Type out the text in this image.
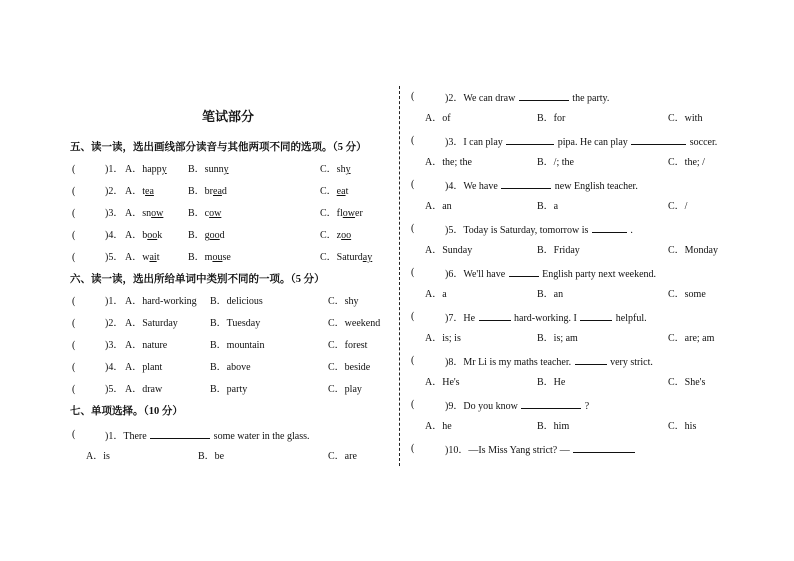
笔试部分
五、读一读，选出画线部分读音与其他两项不同的选项。（5 分）
(	)1． A．happy B．sunny	C．shy
(	)2． A．tea	B．bread	C．eat
(	)3． A．snow B．cow	C．flower
(	)4． A．book	B．good	C．zoo
(	)5． A．wait	B．mouse	C．Saturday
六、读一读，选出所给单词中类别不同的一项。（5 分）
(	)1． A．hard-working B．delicious	C．shy
(	)2． A．Saturday	B．Tuesday	C．weekend
(	)3． A．nature	B．mountain	C．forest
(	)4． A．plant	B．above	C．beside
(	)5． A．draw	B．party	C．play
七、单项选择。（10 分）
(	)1．There	some water in the glass.
A．is	B．be	C．are
(	)2．We can draw	the party.
A．of	B．for	C．with
(	)3．I can play	pipa. He can play	soccer.
A．the; the	B．/; the	C．the; /
(	)4．We have	new English teacher.
A．an	B．a	C．/
(	)5．Today is Saturday, tomorrow is	.
A．Sunday	B．Friday	C．Monday
(	)6．We'll have	English party next weekend.
A．a	B．an	C．some
(	)7．He	hard-working. I	helpful.
A．is; is	B．is; am	C．are; am
(	)8．Mr Li is my maths teacher.	very strict.
A．He's	B．He	C．She's
(	)9．Do you know	?
A．he	B．him	C．his
(	)10．—Is Miss Yang strict? —
